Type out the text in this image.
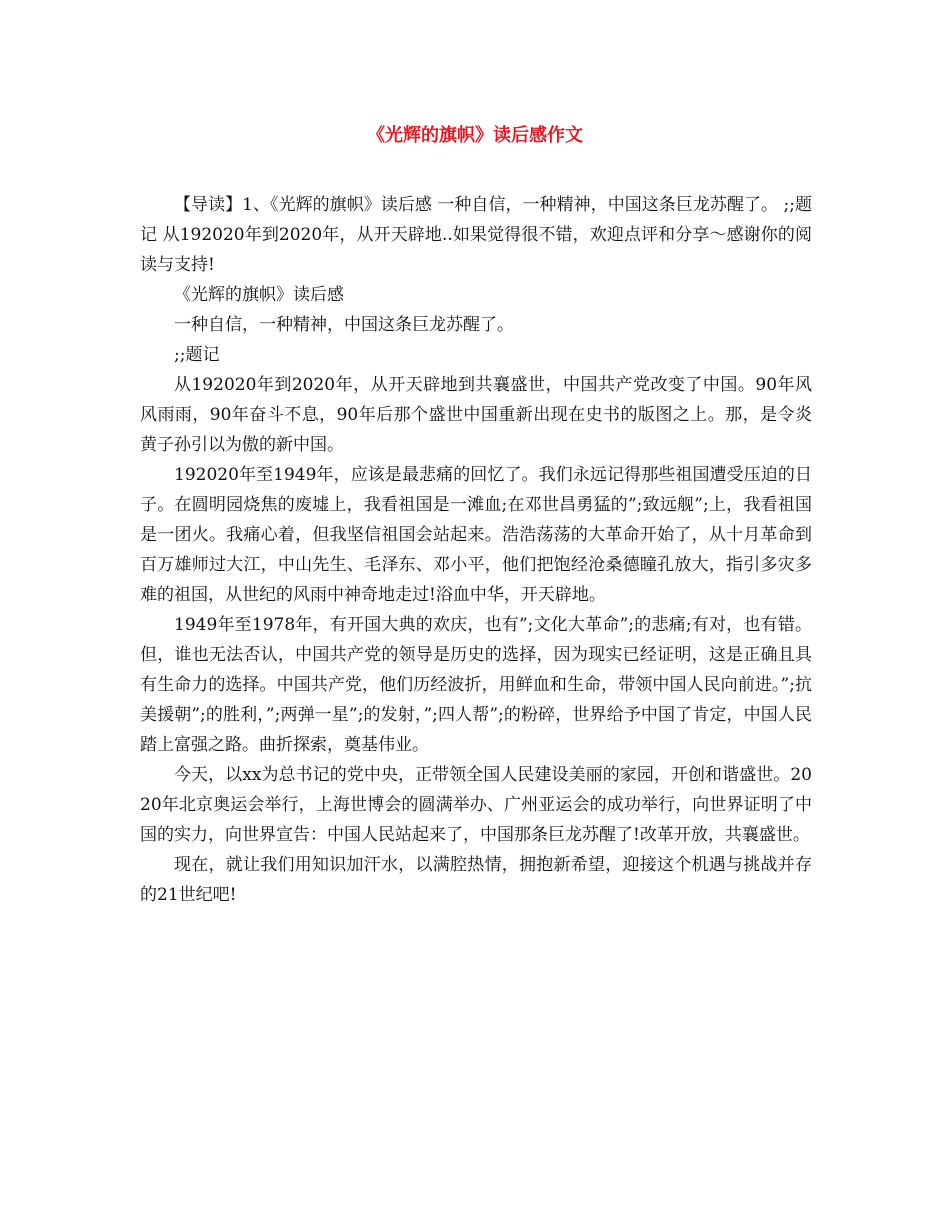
《光辉的旗帜》读后感作文

【导读】1、《光辉的旗帜》读后感 一种自信，一种精神，中国这条巨龙苏醒了。 ;;题记 从192020年到2020年，从开天辟地..如果觉得很不错，欢迎点评和分享～感谢你的阅读与支持!

《光辉的旗帜》读后感

一种自信，一种精神，中国这条巨龙苏醒了。

;;题记

从192020年到2020年，从开天辟地到共襄盛世，中国共产党改变了中国。90年风风雨雨，90年奋斗不息，90年后那个盛世中国重新出现在史书的版图之上。那，是令炎黄子孙引以为傲的新中国。

192020年至1949年，应该是最悲痛的回忆了。我们永远记得那些祖国遭受压迫的日子。在圆明园烧焦的废墟上，我看祖国是一滩血;在邓世昌勇猛的”;致远舰”;上，我看祖国是一团火。我痛心着，但我坚信祖国会站起来。浩浩荡荡的大革命开始了，从十月革命到百万雄师过大江，中山先生、毛泽东、邓小平，他们把饱经沧桑德瞳孔放大，指引多灾多难的祖国，从世纪的风雨中神奇地走过!浴血中华，开天辟地。

1949年至1978年，有开国大典的欢庆，也有”;文化大革命”;的悲痛;有对，也有错。但，谁也无法否认，中国共产党的领导是历史的选择，因为现实已经证明，这是正确且具有生命力的选择。中国共产党，他们历经波折，用鲜血和生命，带领中国人民向前进。”;抗美援朝”;的胜利，”;两弹一星”;的发射，”;四人帮”;的粉碎，世界给予中国了肯定，中国人民踏上富强之路。曲折探索，奠基伟业。

今天，以xx为总书记的党中央，正带领全国人民建设美丽的家园，开创和谐盛世。2020年北京奥运会举行，上海世博会的圆满举办、广州亚运会的成功举行，向世界证明了中国的实力，向世界宣告：中国人民站起来了，中国那条巨龙苏醒了!改革开放，共襄盛世。

现在，就让我们用知识加汗水，以满腔热情，拥抱新希望，迎接这个机遇与挑战并存的21世纪吧!
